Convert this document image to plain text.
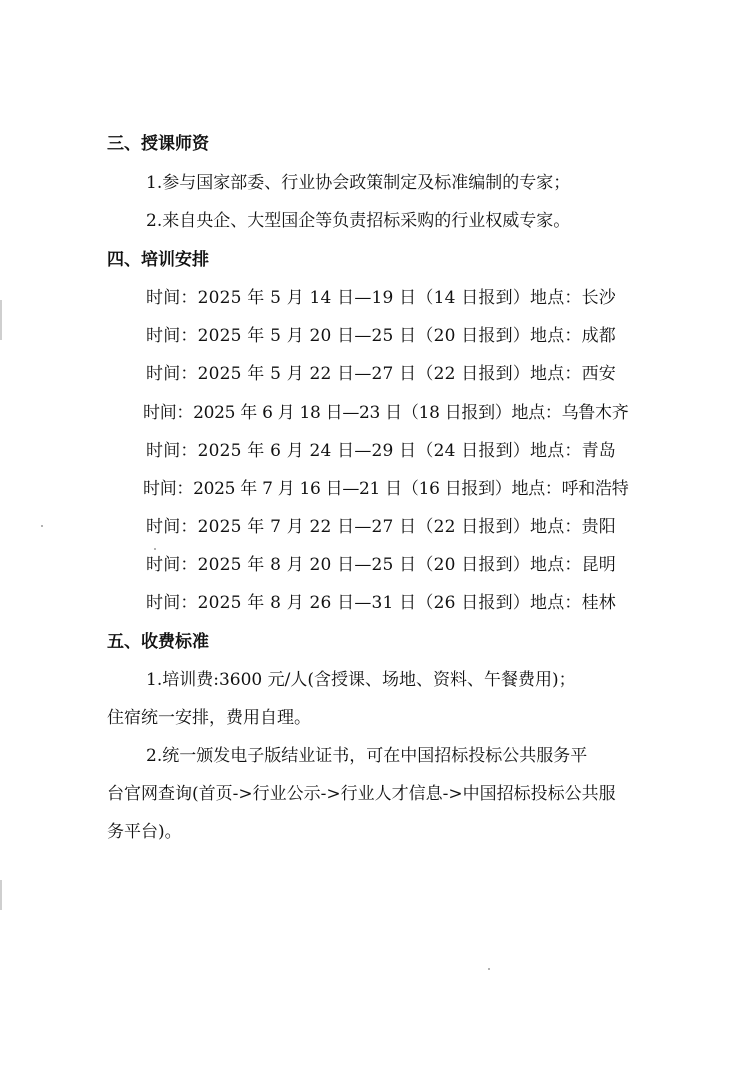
三、授课师资
1.参与国家部委、行业协会政策制定及标准编制的专家；
2.来自央企、大型国企等负责招标采购的行业权威专家。
四、培训安排
时间：2025 年 5 月 14 日—19 日（14 日报到）地点：长沙
时间：2025 年 5 月 20 日—25 日（20 日报到）地点：成都
时间：2025 年 5 月 22 日—27 日（22 日报到）地点：西安
时间：2025 年 6 月 18 日—23 日（18 日报到）地点：乌鲁木齐
时间：2025 年 6 月 24 日—29 日（24 日报到）地点：青岛
时间：2025 年 7 月 16 日—21 日（16 日报到）地点：呼和浩特
时间：2025 年 7 月 22 日—27 日（22 日报到）地点：贵阳
时间：2025 年 8 月 20 日—25 日（20 日报到）地点：昆明
时间：2025 年 8 月 26 日—31 日（26 日报到）地点：桂林
五、收费标准
1.培训费:3600 元/人(含授课、场地、资料、午餐费用)；
住宿统一安排，费用自理。
2.统一颁发电子版结业证书，可在中国招标投标公共服务平
台官网查询(首页->行业公示->行业人才信息->中国招标投标公共服
务平台)。
